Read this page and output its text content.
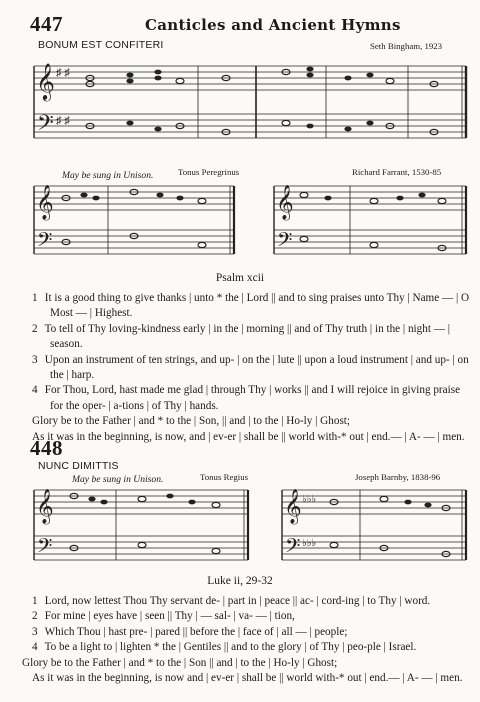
447	Canticles and Ancient Hymns
BONUM EST CONFITERI	Seth Bingham, 1923
𝄞
𝄢
♯ ♯
♯ ♯
May be sung in Unison.	Tonus Peregrinus	Richard Farrant, 1530-85
𝄞
𝄢
𝄞
𝄢
Psalm xcii
1 It is a good thing to give thanks | unto * the | Lord || and to sing praises unto Thy | Name — | O Most — | Highest.
2 To tell of Thy loving-kindness early | in the | morning || and of Thy truth | in the | night — | season.
3 Upon an instrument of ten strings, and up- | on the | lute || upon a loud instrument | and up- | on the | harp.
4 For Thou, Lord, hast made me glad | through Thy | works || and I will rejoice in giving praise for the oper- | a-tions | of Thy | hands.
Glory be to the Father | and * to the | Son, || and | to the | Ho-ly | Ghost;
As it was in the beginning, is now, and | ev-er | shall be || world with-* out | end.— | A- — | men.
448
NUNC DIMITTIS
May be sung in Unison.	Tonus Regius	Joseph Barnby, 1838-96
𝄞
𝄢
𝄞
𝄢
♭♭♭
♭♭♭
Luke ii, 29-32
1 Lord, now lettest Thou Thy servant de- | part in | peace || ac- | cord-ing | to Thy | word.
2 For mine | eyes have | seen || Thy | — sal- | va- — | tion,
3 Which Thou | hast pre- | pared || before the | face of | all — | people;
4 To be a light to | lighten * the | Gentiles || and to the glory | of Thy | peo-ple | Israel.
Glory be to the Father | and * to the | Son || and | to the | Ho-ly | Ghost;
As it was in the beginning, is now and | ev-er | shall be || world with-* out | end.— | A- — | men.
